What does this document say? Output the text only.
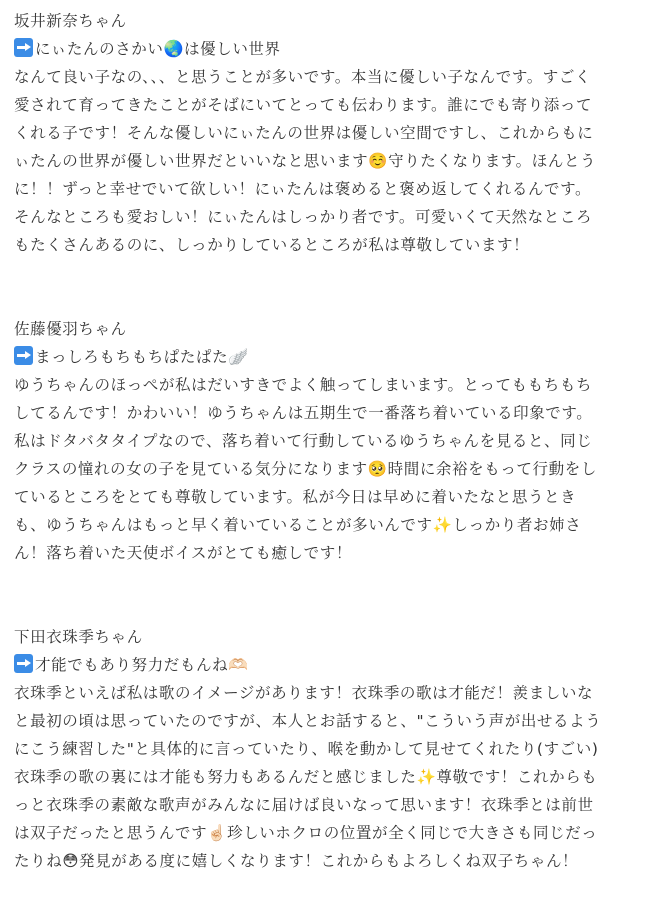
坂井新奈ちゃん
にぃたんのさかい🌏は優しい世界
なんて良い子なの、、、と思うことが多いです。本当に優しい子なんです。すごく
愛されて育ってきたことがそばにいてとっても伝わります。誰にでも寄り添って
くれる子です！そんな優しいにぃたんの世界は優しい空間ですし、これからもに
ぃたんの世界が優しい世界だといいなと思います☺️守りたくなります。ほんとう
に！！ずっと幸せでいて欲しい！にぃたんは褒めると褒め返してくれるんです。
そんなところも愛おしい！にぃたんはしっかり者です。可愛いくて天然なところ
もたくさんあるのに、しっかりしているところが私は尊敬しています！
佐藤優羽ちゃん
まっしろもちもちぱたぱた🪽
ゆうちゃんのほっぺが私はだいすきでよく触ってしまいます。とってももちもち
してるんです！かわいい！ゆうちゃんは五期生で一番落ち着いている印象です。
私はドタバタタイプなので、落ち着いて行動しているゆうちゃんを見ると、同じ
クラスの憧れの女の子を見ている気分になります🥺時間に余裕をもって行動をし
ているところをとても尊敬しています。私が今日は早めに着いたなと思うとき
も、ゆうちゃんはもっと早く着いていることが多いんです✨しっかり者お姉さ
ん！落ち着いた天使ボイスがとても癒しです！
下田衣珠季ちゃん
才能でもあり努力だもんね🫶🏻
衣珠季といえば私は歌のイメージがあります！衣珠季の歌は才能だ！羨ましいな
と最初の頃は思っていたのですが、本人とお話すると、"こういう声が出せるよう
にこう練習した"と具体的に言っていたり、喉を動かして見せてくれたり(すごい)
衣珠季の歌の裏には才能も努力もあるんだと感じました✨尊敬です！これからも
っと衣珠季の素敵な歌声がみんなに届けば良いなって思います！衣珠季とは前世
は双子だったと思うんです☝🏻珍しいホクロの位置が全く同じで大きさも同じだっ
たりね😳発見がある度に嬉しくなります！これからもよろしくね双子ちゃん！
